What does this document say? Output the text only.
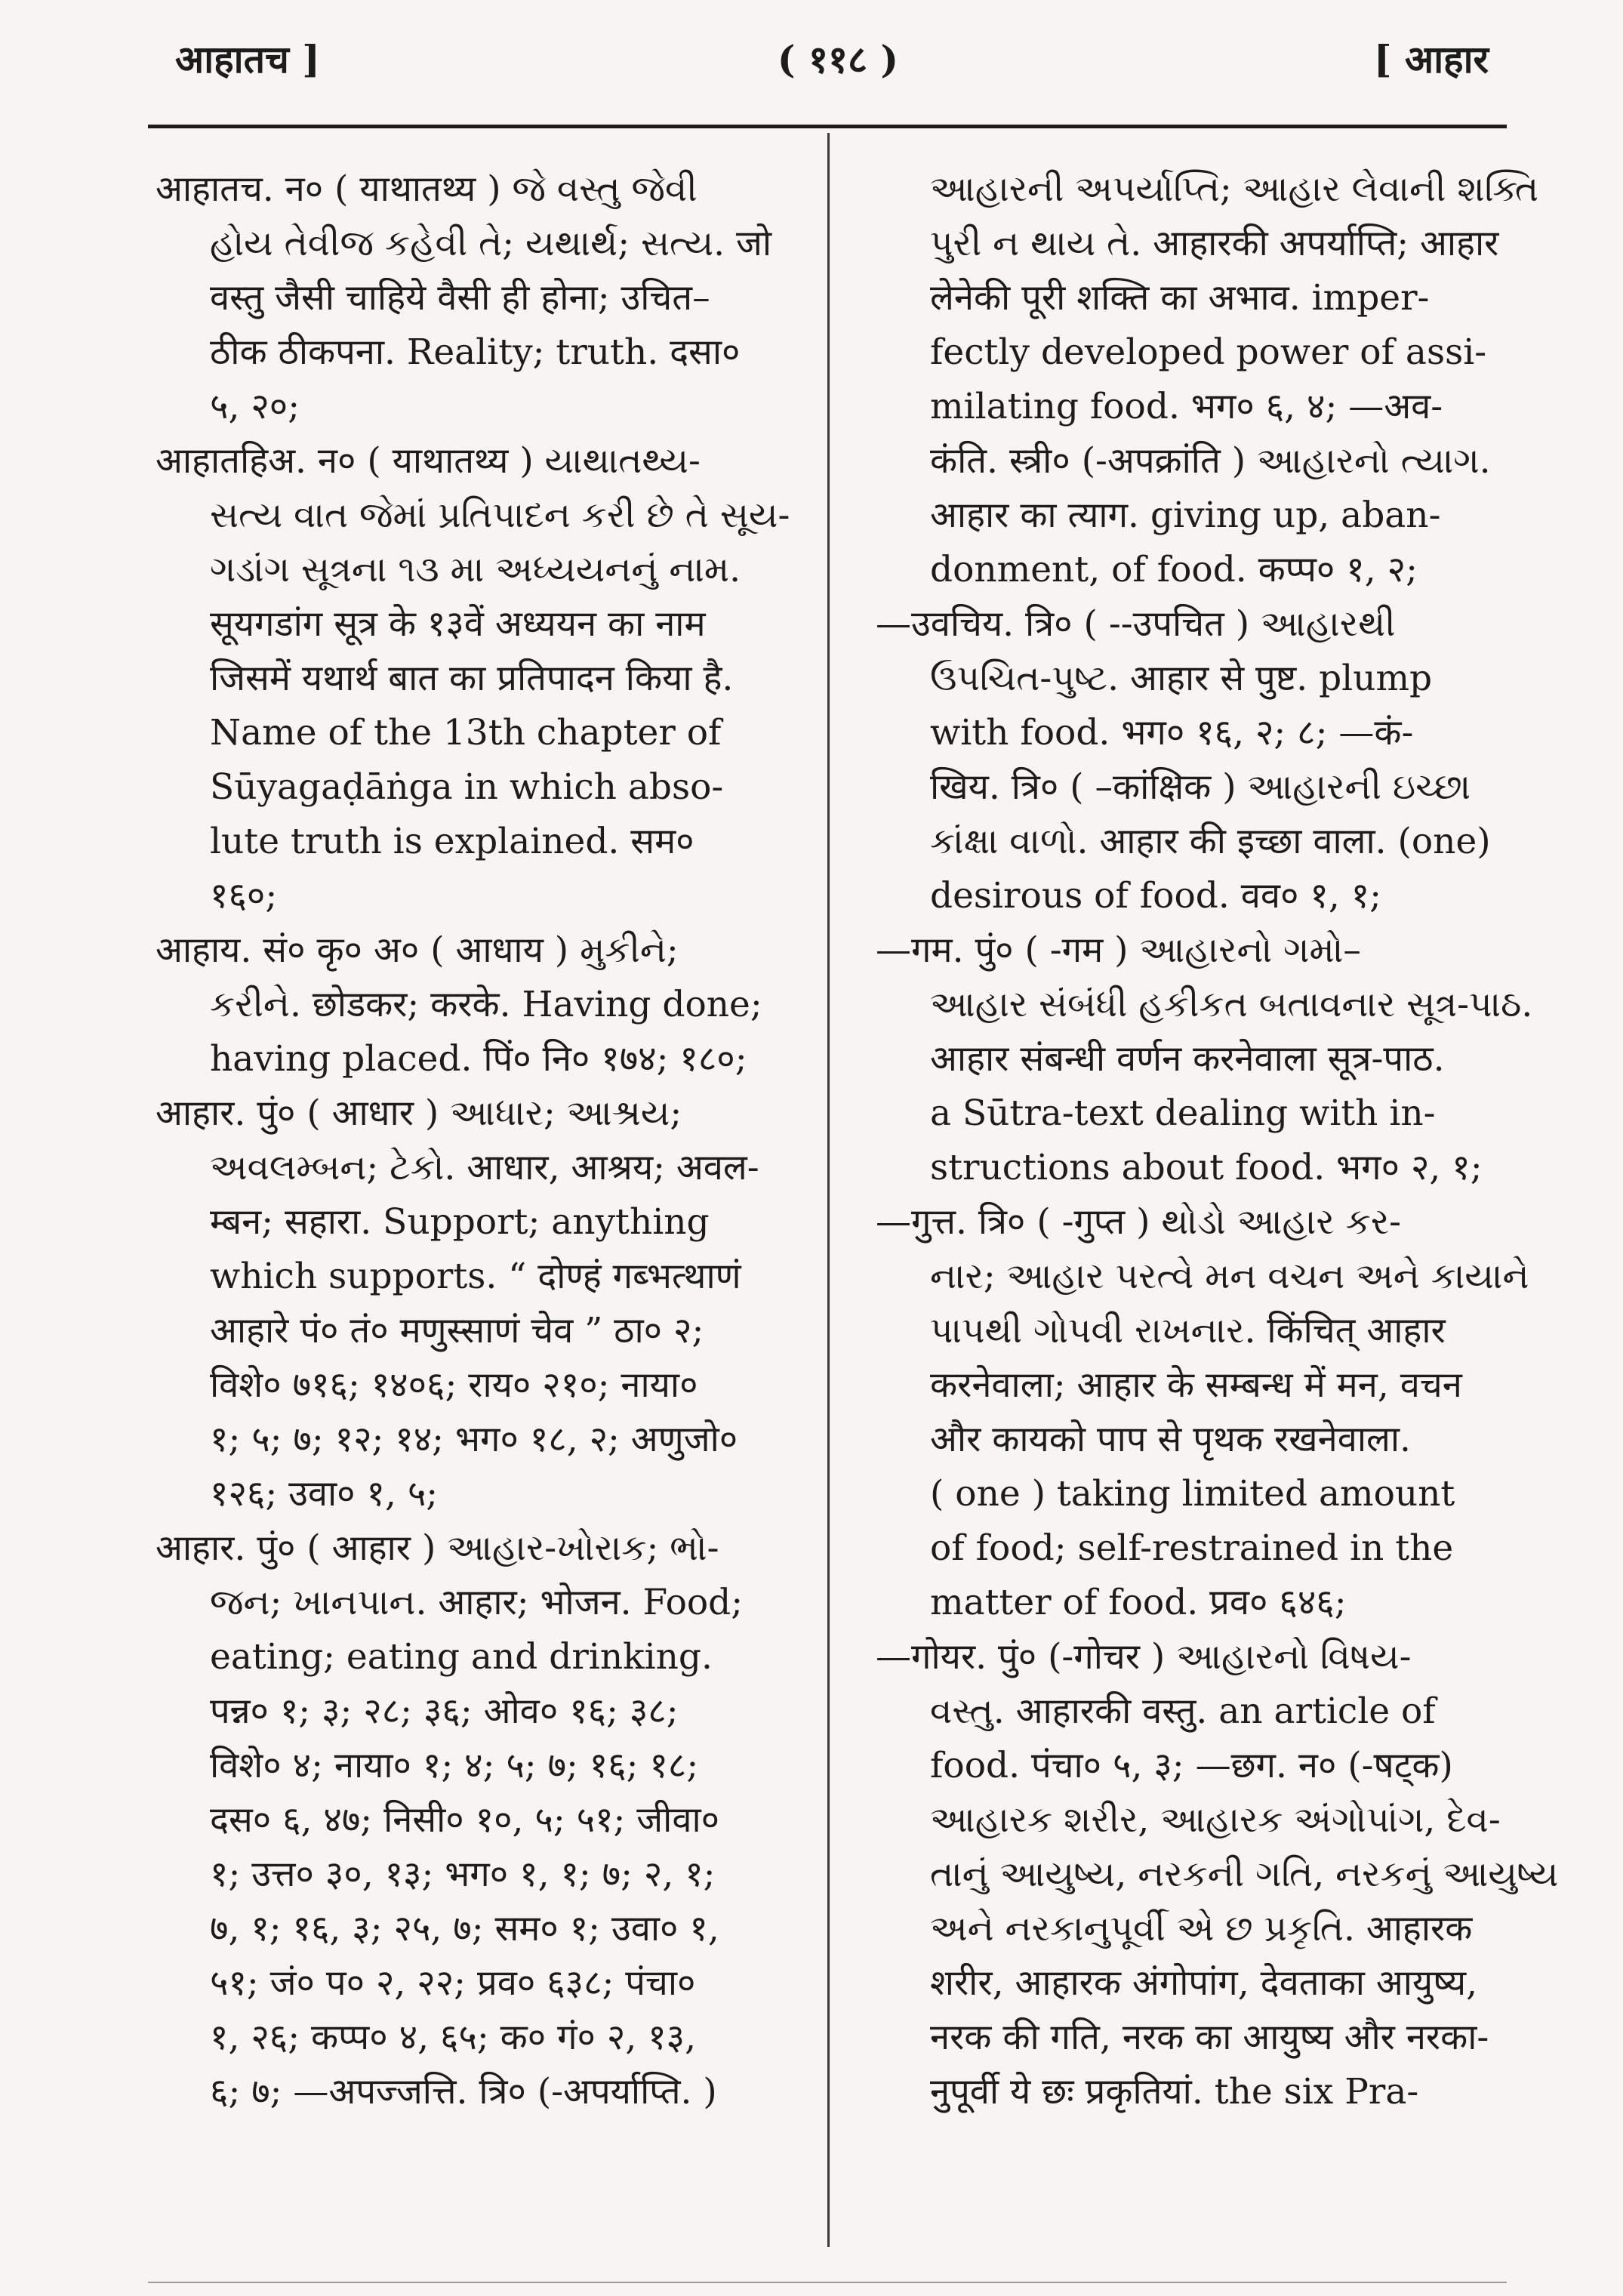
आहातच ]	( ११८ )	[ आहार
आहातच. न० ( याथातथ्य ) જે વસ્તુ જેવી
હોય તેવીજ કહેવી તે; યથાર્થ; સત્ય. जो
वस्तु जैसी चाहिये वैसी ही होना; उचित–
ठीक ठीकपना. Reality; truth. दसा०
५, २०;
आहातहिअ. न० ( याथातथ्य ) યાથાતથ્ય-
સત્ય વાત જેમાં પ્રતિપાદન કરી છે તે સૂય-
ગડાંગ સૂત્રના ૧૩ મા અધ્યયનનું નામ.
सूयगडांग सूत्र के १३वें अध्ययन का नाम
जिसमें यथार्थ बात का प्रतिपादन किया है.
Name of the 13th chapter of
Sūyagaḍāṅga in which abso-
lute truth is explained. सम०
१६०;
आहाय. सं० कृ० अ० ( आधाय ) મુકીને;
કરીને. छोडकर; करके. Having done;
having placed. पिं० नि० १७४; १८०;
आहार. पुं० ( आधार ) આધાર; આશ્રય;
અવલમ્બન; ટેકો. आधार, आश्रय; अवल-
म्बन; सहारा. Support; anything
which supports. “ दोण्हं गब्भत्थाणं
आहारे पं० तं० मणुस्साणं चेव ” ठा० २;
विशे० ७१६; १४०६; राय० २१०; नाया०
१; ५; ७; १२; १४; भग० १८, २; अणुजो०
१२६; उवा० १, ५;
आहार. पुं० ( आहार ) આહાર-ખોરાક; ભો-
જન; ખાનપાન. आहार; भोजन. Food;
eating; eating and drinking.
पन्न० १; ३; २८; ३६; ओव० १६; ३८;
विशे० ४; नाया० १; ४; ५; ७; १६; १८;
दस० ६, ४७; निसी० १०, ५; ५१; जीवा०
१; उत्त० ३०, १३; भग० १, १; ७; २, १;
७, १; १६, ३; २५, ७; सम० १; उवा० १,
५१; जं० प० २, २२; प्रव० ६३८; पंचा०
१, २६; कप्प० ४, ६५; क० गं० २, १३,
६; ७; —अपज्जत्ति. त्रि० (-अपर्याप्ति. )
આહારની અપર્યાપ્તિ; આહાર લેવાની શક્તિ
પુરી ન થાય તે. आहारकी अपर्याप्ति; आहार
लेनेकी पूरी शक्ति का अभाव. imper-
fectly developed power of assi-
milating food. भग० ६, ४; —अव-
कंति. स्त्री० (-अपक्रांति ) આહારનો ત્યાગ.
आहार का त्याग. giving up, aban-
donment, of food. कप्प० १, २;
—उवचिय. त्रि० ( --उपचित ) આહારથી
ઉપચિત-પુષ્ટ. आहार से पुष्ट. plump
with food. भग० १६, २; ८; —कं-
खिय. त्रि० ( –कांक्षिक ) આહારની ઇચ્છા
કાંક્ષા વાળો. आहार की इच्छा वाला. (one)
desirous of food. वव० १, १;
—गम. पुं० ( -गम ) આહારનો ગમો–
આહાર સંબંધી હકીકત બતાવનાર સૂત્ર-પાઠ.
आहार संबन्धी वर्णन करनेवाला सूत्र-पाठ.
a Sūtra-text dealing with in-
structions about food. भग० २, १;
—गुत्त. त्रि० ( -गुप्त ) થોડો આહાર કર-
નાર; આહાર પરત્વે મન વચન અને કાયાને
પાપથી ગોપવી રાખનાર. किंचित् आहार
करनेवाला; आहार के सम्बन्ध में मन, वचन
और कायको पाप से पृथक रखनेवाला.
( one ) taking limited amount
of food; self-restrained in the
matter of food. प्रव० ६४६;
—गोयर. पुं० (-गोचर ) આહારનો વિષય-
વસ્તુ. आहारकी वस्तु. an article of
food. पंचा० ५, ३; —छग. न० (-षट्क)
આહારક શરીર, આહારક અંગોપાંગ, દેવ-
તાનું આયુષ્ય, નરકની ગતિ, નરકનું આયુષ્ય
અને નરકાનુપૂર્વી એ છ પ્રકૃતિ. आहारक
शरीर, आहारक अंगोपांग, देवताका आयुष्य,
नरक की गति, नरक का आयुष्य और नरका-
नुपूर्वी ये छः प्रकृतियां. the six Pra-
